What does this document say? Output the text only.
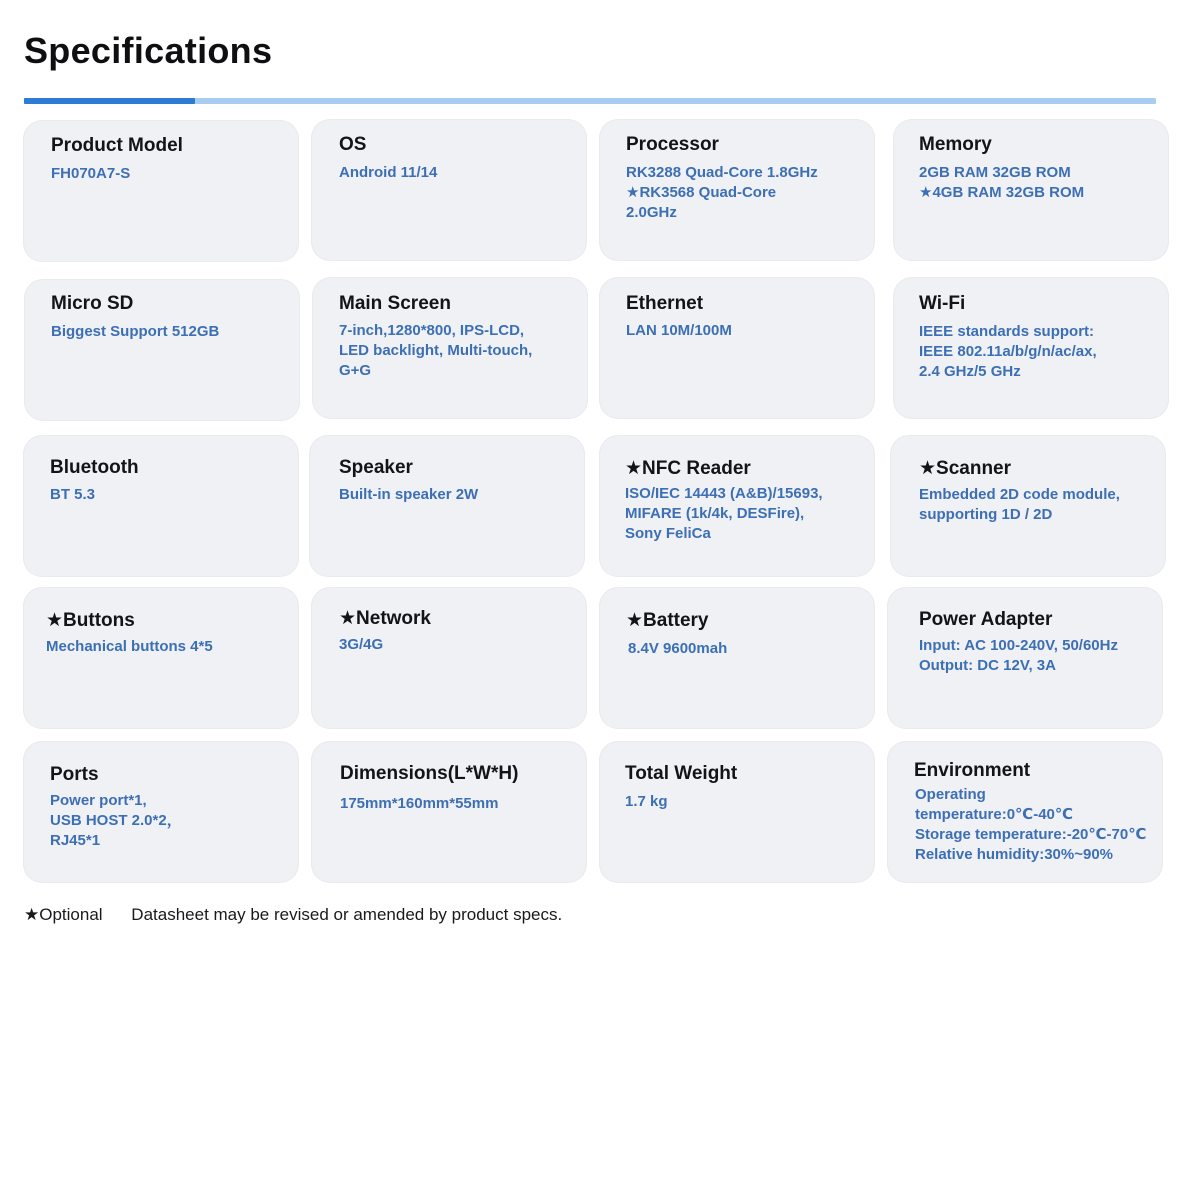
Specifications
Product Model
FH070A7-S
OS
Android 11/14
Processor
RK3288 Quad-Core 1.8GHz
★RK3568 Quad-Core
2.0GHz
Memory
2GB RAM 32GB ROM
★4GB RAM 32GB ROM
Micro SD
Biggest Support 512GB
Main Screen
7-inch,1280*800, IPS-LCD,
LED backlight, Multi-touch,
G+G
Ethernet
LAN 10M/100M
Wi-Fi
IEEE standards support:
IEEE 802.11a/b/g/n/ac/ax,
2.4 GHz/5 GHz
Bluetooth
BT 5.3
Speaker
Built-in speaker 2W
★NFC Reader
ISO/IEC 14443 (A&B)/15693,
MIFARE (1k/4k, DESFire),
Sony FeliCa
★Scanner
Embedded 2D code module,
supporting 1D / 2D
★Buttons
Mechanical buttons 4*5
★Network
3G/4G
★Battery
8.4V 9600mah
Power Adapter
Input: AC 100-240V, 50/60Hz
Output: DC 12V, 3A
Ports
Power port*1,
USB HOST 2.0*2，
RJ45*1
Dimensions(L*W*H)
175mm*160mm*55mm
Total Weight
1.7 kg
Environment
Operating
temperature:0℃-40℃
Storage temperature:-20℃-70℃
Relative humidity:30%~90%
★Optional Datasheet may be revised or amended by product specs.
